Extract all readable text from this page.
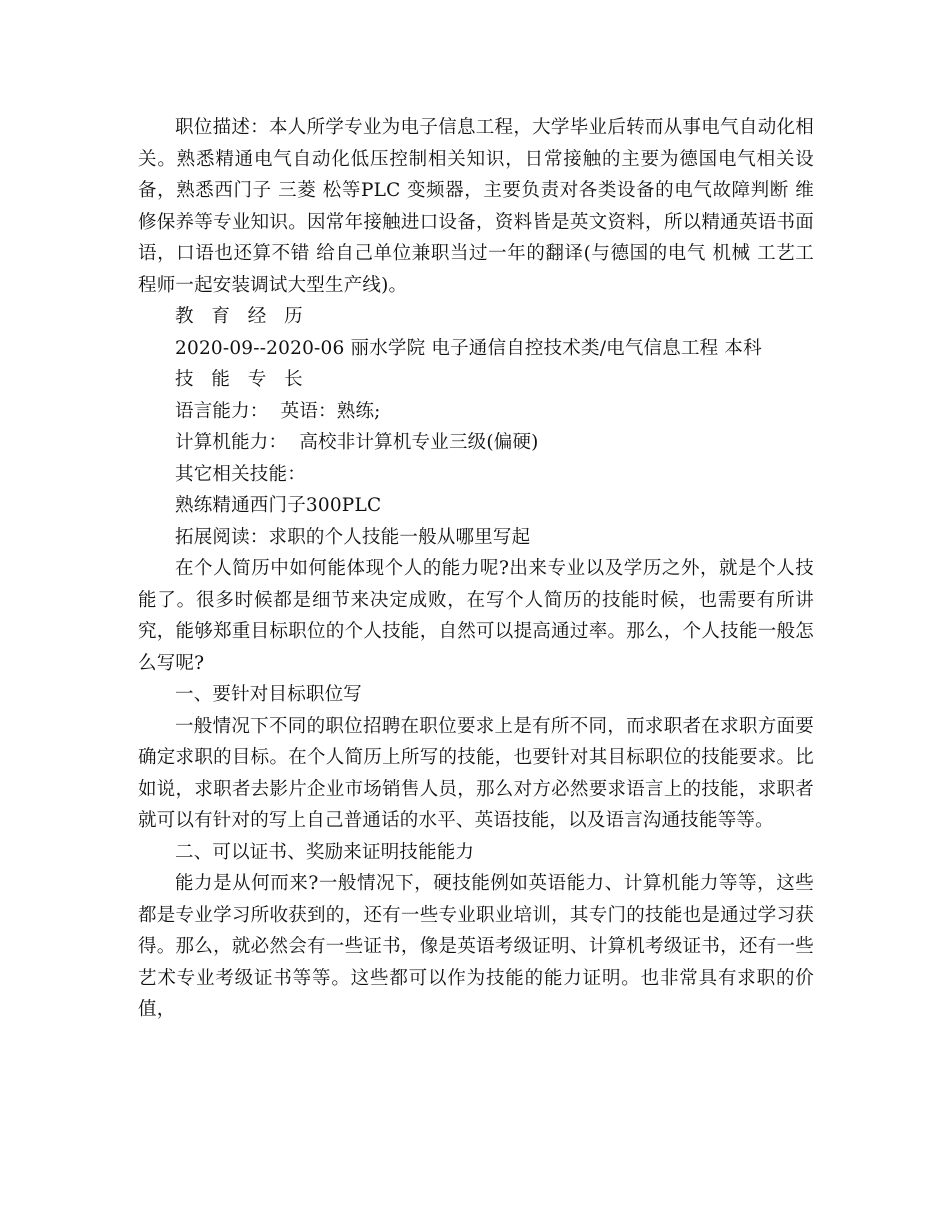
职位描述：本人所学专业为电子信息工程，大学毕业后转而从事电气自动化相关。熟悉精通电气自动化低压控制相关知识，日常接触的主要为德国电气相关设备，熟悉西门子 三菱 松等PLC 变频器，主要负责对各类设备的电气故障判断 维修保养等专业知识。因常年接触进口设备，资料皆是英文资料，所以精通英语书面语，口语也还算不错 给自己单位兼职当过一年的翻译(与德国的电气 机械 工艺工程师一起安装调试大型生产线)。

教 育 经 历

2020-09--2020-06 丽水学院 电子通信自控技术类/电气信息工程 本科

技 能 专 长

语言能力：  英语：熟练;

计算机能力：  高校非计算机专业三级(偏硬)

其它相关技能：

熟练精通西门子300PLC

拓展阅读：求职的个人技能一般从哪里写起

在个人简历中如何能体现个人的能力呢?出来专业以及学历之外，就是个人技能了。很多时候都是细节来决定成败，在写个人简历的技能时候，也需要有所讲究，能够郑重目标职位的个人技能，自然可以提高通过率。那么，个人技能一般怎么写呢?

一、要针对目标职位写

一般情况下不同的职位招聘在职位要求上是有所不同，而求职者在求职方面要确定求职的目标。在个人简历上所写的技能，也要针对其目标职位的技能要求。比如说，求职者去影片企业市场销售人员，那么对方必然要求语言上的技能，求职者就可以有针对的写上自己普通话的水平、英语技能，以及语言沟通技能等等。

二、可以证书、奖励来证明技能能力

能力是从何而来?一般情况下，硬技能例如英语能力、计算机能力等等，这些都是专业学习所收获到的，还有一些专业职业培训，其专门的技能也是通过学习获得。那么，就必然会有一些证书，像是英语考级证明、计算机考级证书，还有一些艺术专业考级证书等等。这些都可以作为技能的能力证明。也非常具有求职的价值，
